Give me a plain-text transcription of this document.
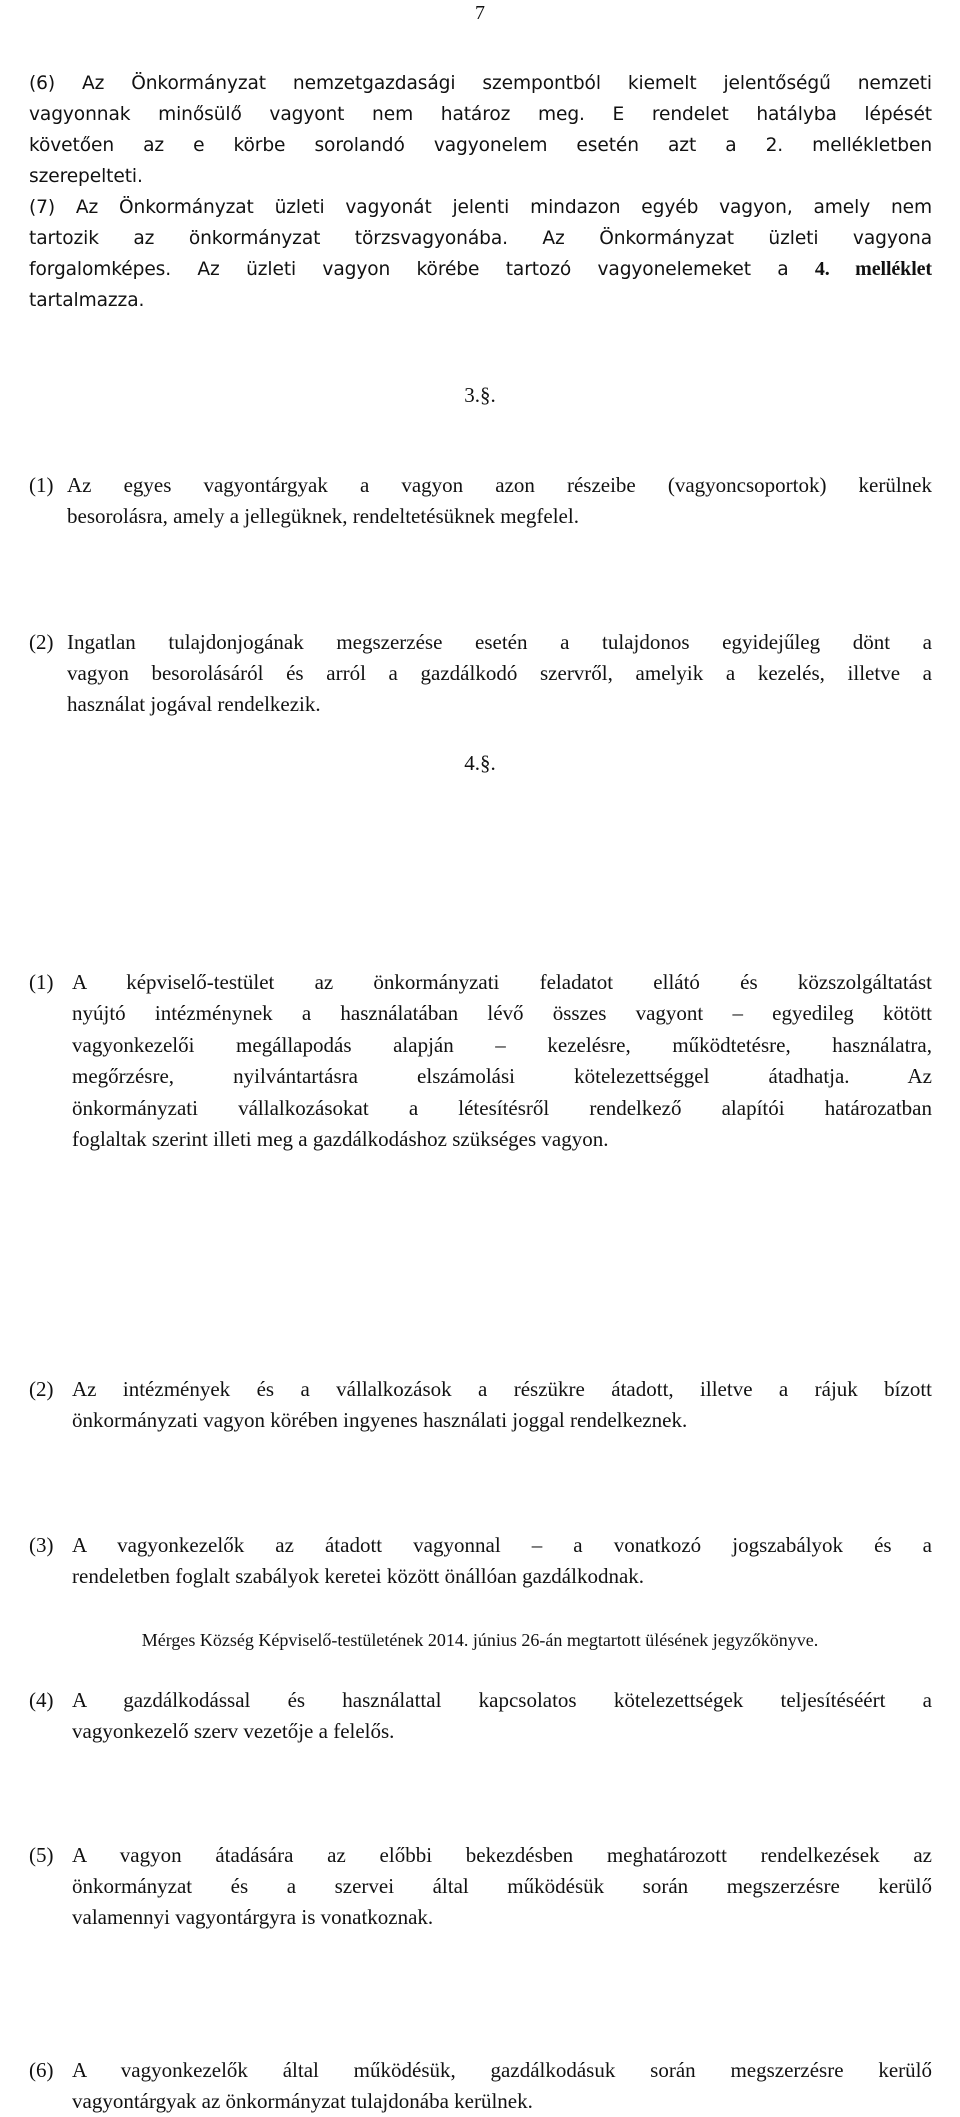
7
(6) Az Önkormányzat nemzetgazdasági szempontból kiemelt jelentőségű nemzeti
vagyonnak minősülő vagyont nem határoz meg. E rendelet hatályba lépését
követően az e körbe sorolandó vagyonelem esetén azt a 2. mellékletben
szerepelteti.
(7) Az Önkormányzat üzleti vagyonát jelenti mindazon egyéb vagyon, amely nem
tartozik az önkormányzat törzsvagyonába. Az Önkormányzat üzleti vagyona
forgalomképes. Az üzleti vagyon körébe tartozó vagyonelemeket a 4. melléklet
tartalmazza.
3.§.
(1) Az egyes vagyontárgyak a vagyon azon részeibe (vagyoncsoportok) kerülnek
besorolásra, amely a jellegüknek, rendeltetésüknek megfelel.
(2) Ingatlan tulajdonjogának megszerzése esetén a tulajdonos egyidejűleg dönt a
vagyon besorolásáról és arról a gazdálkodó szervről, amelyik a kezelés, illetve a
használat jogával rendelkezik.
4.§.
(1) A képviselő-testület az önkormányzati feladatot ellátó és közszolgáltatást
nyújtó intézménynek a használatában lévő összes vagyont – egyedileg kötött
vagyonkezelői megállapodás alapján – kezelésre, működtetésre, használatra,
megőrzésre, nyilvántartásra elszámolási kötelezettséggel átadhatja. Az
önkormányzati vállalkozásokat a létesítésről rendelkező alapítói határozatban
foglaltak szerint illeti meg a gazdálkodáshoz szükséges vagyon.
(2) Az intézmények és a vállalkozások a részükre átadott, illetve a rájuk bízott
önkormányzati vagyon körében ingyenes használati joggal rendelkeznek.
(3) A vagyonkezelők az átadott vagyonnal – a vonatkozó jogszabályok és a
rendeletben foglalt szabályok keretei között önállóan gazdálkodnak.
(4) A gazdálkodással és használattal kapcsolatos kötelezettségek teljesítéséért a
vagyonkezelő szerv vezetője a felelős.
(5) A vagyon átadására az előbbi bekezdésben meghatározott rendelkezések az
önkormányzat és a szervei által működésük során megszerzésre kerülő
valamennyi vagyontárgyra is vonatkoznak.
(6) A vagyonkezelők által működésük, gazdálkodásuk során megszerzésre kerülő
vagyontárgyak az önkormányzat tulajdonába kerülnek.
Mérges Község Képviselő-testületének 2014. június 26-án megtartott ülésének jegyzőkönyve.
